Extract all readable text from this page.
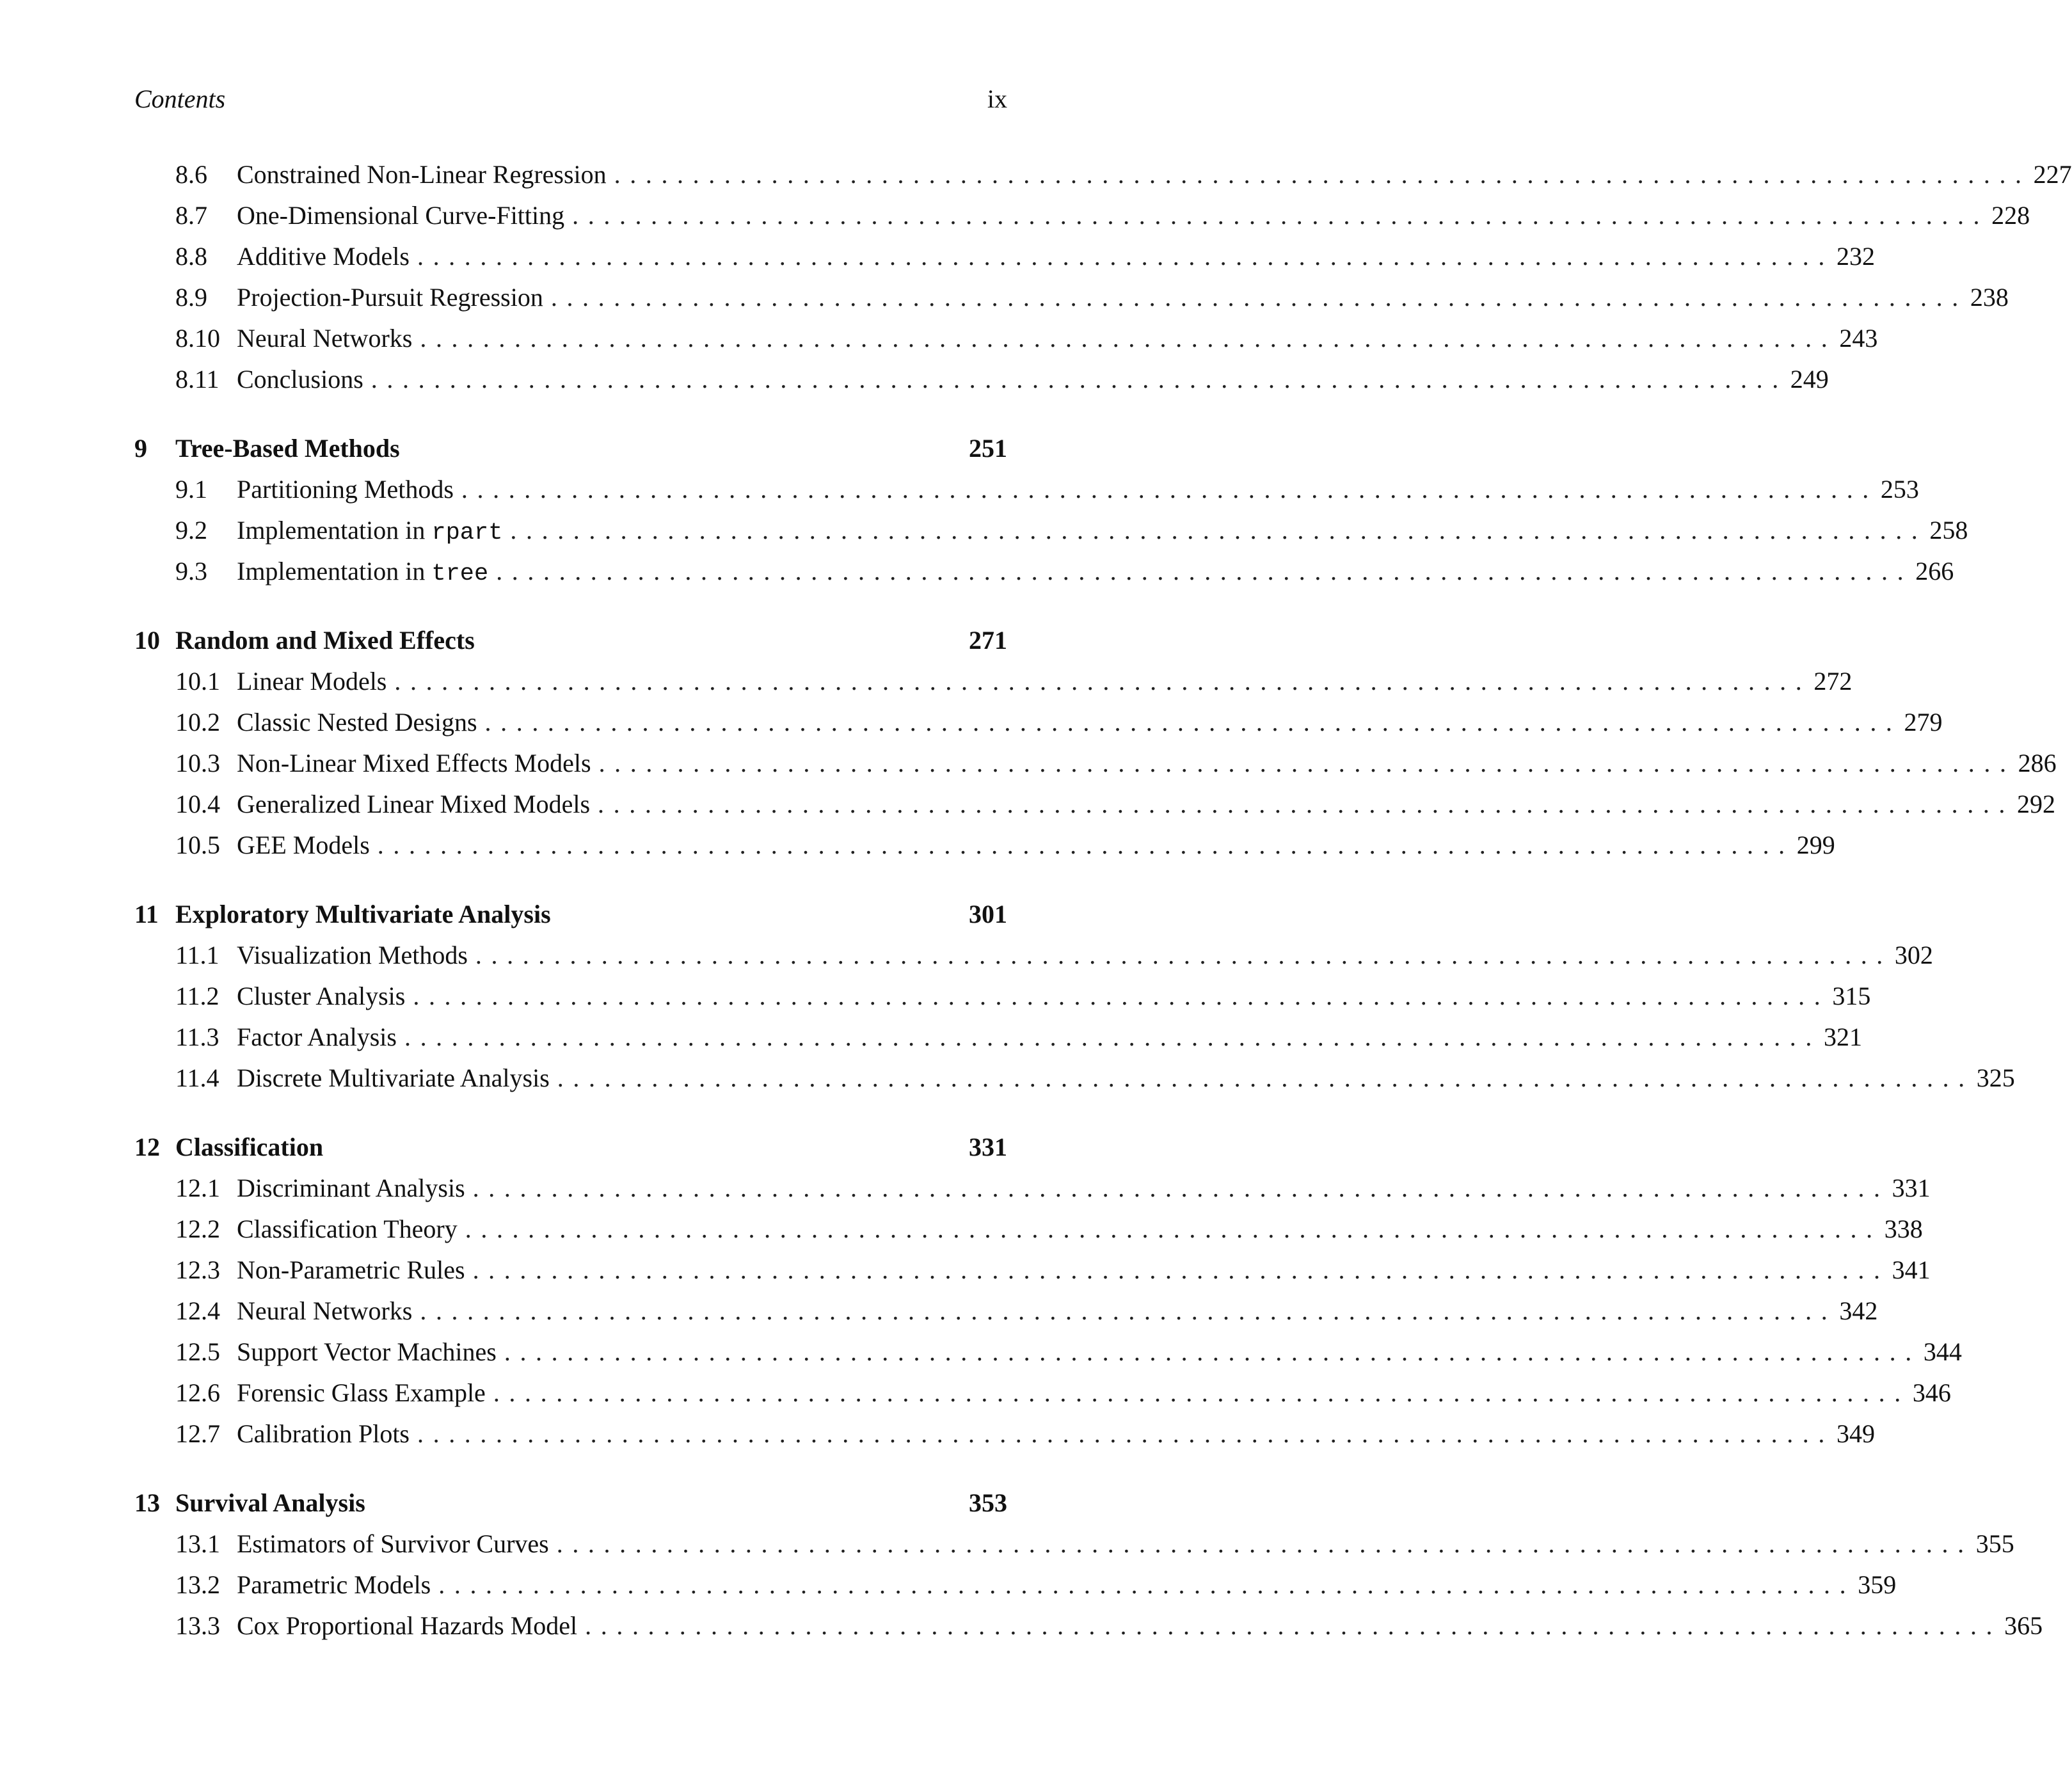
Contents	ix
8.6	Constrained Non-Linear Regression .......................................................................................... 227
8.7	One-Dimensional Curve-Fitting .......................................................................................... 228
8.8	Additive Models .......................................................................................... 232
8.9	Projection-Pursuit Regression .......................................................................................... 238
8.10 Neural Networks .......................................................................................... 243
8.11 Conclusions .......................................................................................... 249
9	Tree-Based Methods	251
9.1	Partitioning Methods .......................................................................................... 253
9.2	Implementation in rpart .......................................................................................... 258
9.3	Implementation in tree .......................................................................................... 266
10 Random and Mixed Effects	271
10.1 Linear Models .......................................................................................... 272
10.2 Classic Nested Designs .......................................................................................... 279
10.3 Non-Linear Mixed Effects Models .......................................................................................... 286
10.4 Generalized Linear Mixed Models .......................................................................................... 292
10.5 GEE Models .......................................................................................... 299
11 Exploratory Multivariate Analysis	301
11.1 Visualization Methods .......................................................................................... 302
11.2 Cluster Analysis .......................................................................................... 315
11.3 Factor Analysis .......................................................................................... 321
11.4 Discrete Multivariate Analysis .......................................................................................... 325
12 Classification	331
12.1 Discriminant Analysis .......................................................................................... 331
12.2 Classification Theory .......................................................................................... 338
12.3 Non-Parametric Rules .......................................................................................... 341
12.4 Neural Networks .......................................................................................... 342
12.5 Support Vector Machines .......................................................................................... 344
12.6 Forensic Glass Example .......................................................................................... 346
12.7 Calibration Plots .......................................................................................... 349
13 Survival Analysis	353
13.1 Estimators of Survivor Curves .......................................................................................... 355
13.2 Parametric Models .......................................................................................... 359
13.3 Cox Proportional Hazards Model .......................................................................................... 365
